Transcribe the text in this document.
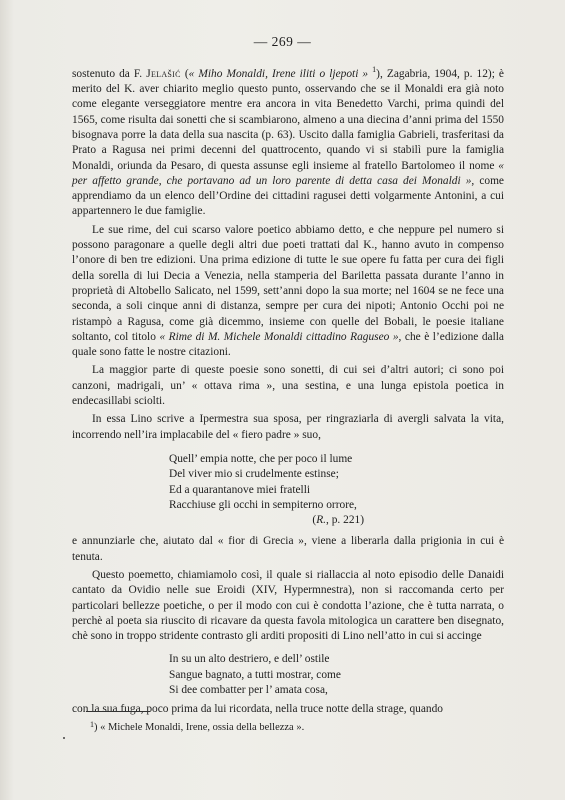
— 269 —

sostenuto da F. Jelašić (« Miho Monaldi, Irene iliti o ljepoti » $^1$), Zagabria, 1904, p. 12); è merito del K. aver chiarito meglio questo punto, osservando che se il Monaldi era già noto come elegante verseggiatore mentre era ancora in vita Benedetto Varchi, prima quindi del 1565, come risulta dai sonetti che si scambiarono, almeno a una diecina d’anni prima del 1550 bisognava porre la data della sua nascita (p. 63). Uscito dalla famiglia Gabrieli, trasferitasi da Prato a Ragusa nei primi decenni del quattrocento, quando vi si stabilì pure la famiglia Monaldi, oriunda da Pesaro, di questa assunse egli insieme al fratello Bartolomeo il nome « per affetto grande, che portavano ad un loro parente di detta casa dei Monaldi », come apprendiamo da un elenco dell’Ordine dei cittadini ragusei detti volgarmente Antonini, a cui appartennero le due famiglie.

Le sue rime, del cui scarso valore poetico abbiamo detto, e che neppure pel numero si possono paragonare a quelle degli altri due poeti trattati dal K., hanno avuto in compenso l’onore di ben tre edizioni. Una prima edizione di tutte le sue opere fu fatta per cura dei figli della sorella di lui Decia a Venezia, nella stamperia del Bariletta passata durante l’anno in proprietà di Altobello Salicato, nel 1599, sett’anni dopo la sua morte; nel 1604 se ne fece una seconda, a soli cinque anni di distanza, sempre per cura dei nipoti; Antonio Occhi poi ne ristampò a Ragusa, come già dicemmo, insieme con quelle del Bobali, le poesie italiane soltanto, col titolo « Rime di M. Michele Monaldi cittadino Raguseo », che è l’edizione dalla quale sono fatte le nostre citazioni.

La maggior parte di queste poesie sono sonetti, di cui sei d’altri autori; ci sono poi canzoni, madrigali, un’ « ottava rima », una sestina, e una lunga epistola poetica in endecasillabi sciolti.

In essa Lino scrive a Ipermestra sua sposa, per ringraziarla di avergli salvata la vita, incorrendo nell’ira implacabile del « fiero padre » suo,

Quell’ empia notte, che per poco il lume
Del viver mio si crudelmente estinse;
Ed a quarantanove miei fratelli
Racchiuse gli occhi in sempiterno orrore,
(R., p. 221)

e annunziarle che, aiutato dal « fior di Grecia », viene a liberarla dalla prigionia in cui è tenuta.

Questo poemetto, chiamiamolo così, il quale si riallaccia al noto episodio delle Danaidi cantato da Ovidio nelle sue Eroidi (XIV, Hypermnestra), non si raccomanda certo per particolari bellezze poetiche, o per il modo con cui è condotta l’azione, che è tutta narrata, o perchè al poeta sia riuscito di ricavare da questa favola mitologica un carattere ben disegnato, chè sono in troppo stridente contrasto gli arditi propositi di Lino nell’atto in cui si accinge

In su un alto destriero, e dell’ ostile
Sangue bagnato, a tutti mostrar, come
Si dee combatter per l’ amata cosa,

con la sua fuga, poco prima da lui ricordata, nella truce notte della strage, quando

$^1$) « Michele Monaldi, Irene, ossia della bellezza ».
